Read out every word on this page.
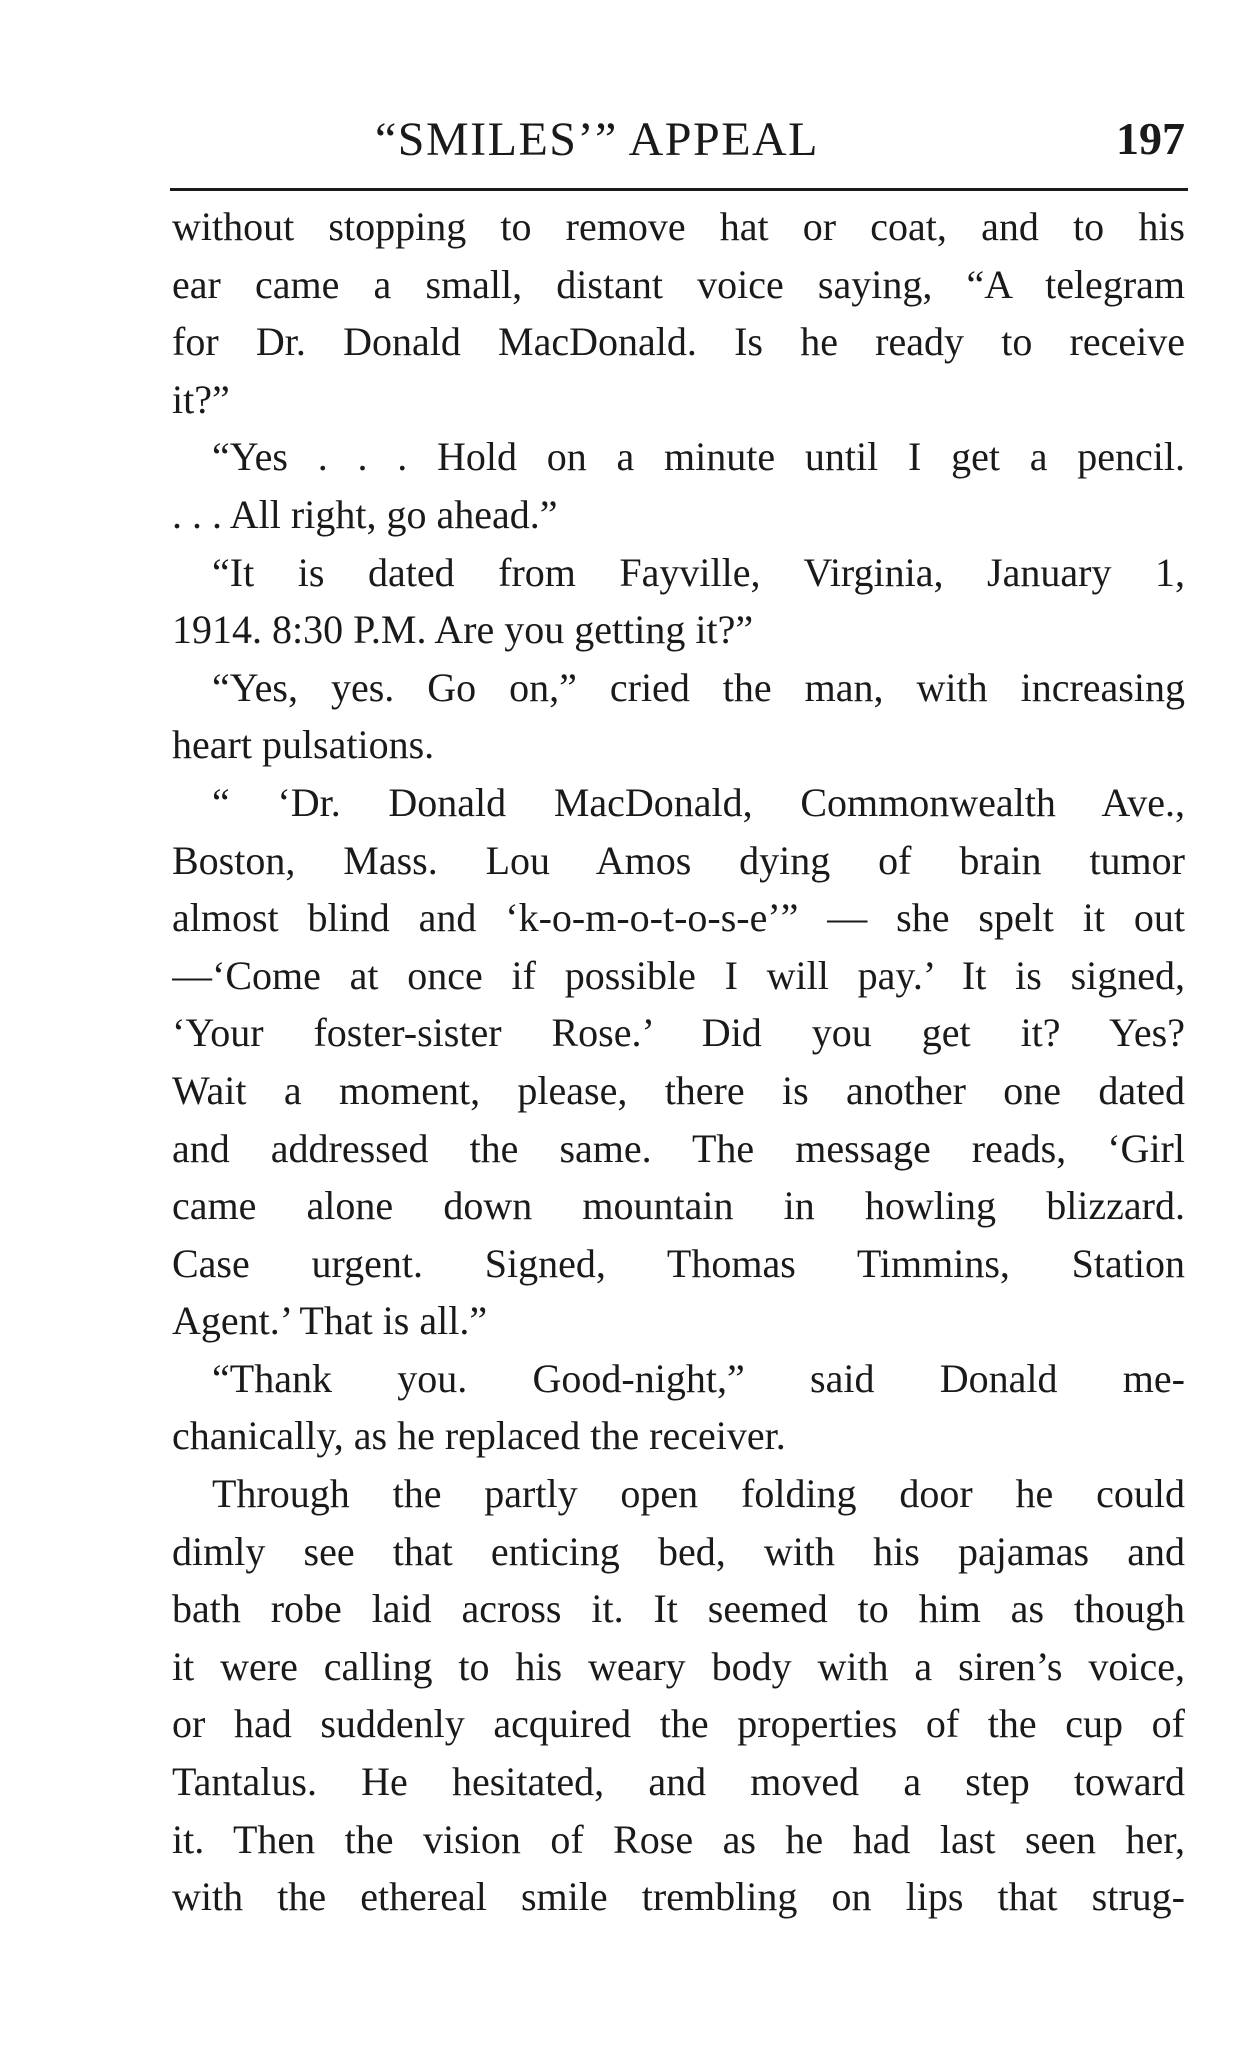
“SMILES’” APPEAL	197
without stopping to remove hat or coat, and to his
ear came a small, distant voice saying, “A telegram
for Dr. Donald MacDonald. Is he ready to receive
it?”
“Yes . . . Hold on a minute until I get a pencil.
. . . All right, go ahead.”
“It is dated from Fayville, Virginia, January 1,
1914. 8:30 P.M. Are you getting it?”
“Yes, yes. Go on,” cried the man, with increasing
heart pulsations.
“ ‘Dr. Donald MacDonald, Commonwealth Ave.,
Boston, Mass. Lou Amos dying of brain tumor
almost blind and ‘k-o-m-o-t-o-s-e’” — she spelt it out
—‘Come at once if possible I will pay.’ It is signed,
‘Your foster-sister Rose.’ Did you get it? Yes?
Wait a moment, please, there is another one dated
and addressed the same. The message reads, ‘Girl
came alone down mountain in howling blizzard.
Case urgent. Signed, Thomas Timmins, Station
Agent.’ That is all.”
“Thank you. Good-night,” said Donald me-
chanically, as he replaced the receiver.
Through the partly open folding door he could
dimly see that enticing bed, with his pajamas and
bath robe laid across it. It seemed to him as though
it were calling to his weary body with a siren’s voice,
or had suddenly acquired the properties of the cup of
Tantalus. He hesitated, and moved a step toward
it. Then the vision of Rose as he had last seen her,
with the ethereal smile trembling on lips that strug-
